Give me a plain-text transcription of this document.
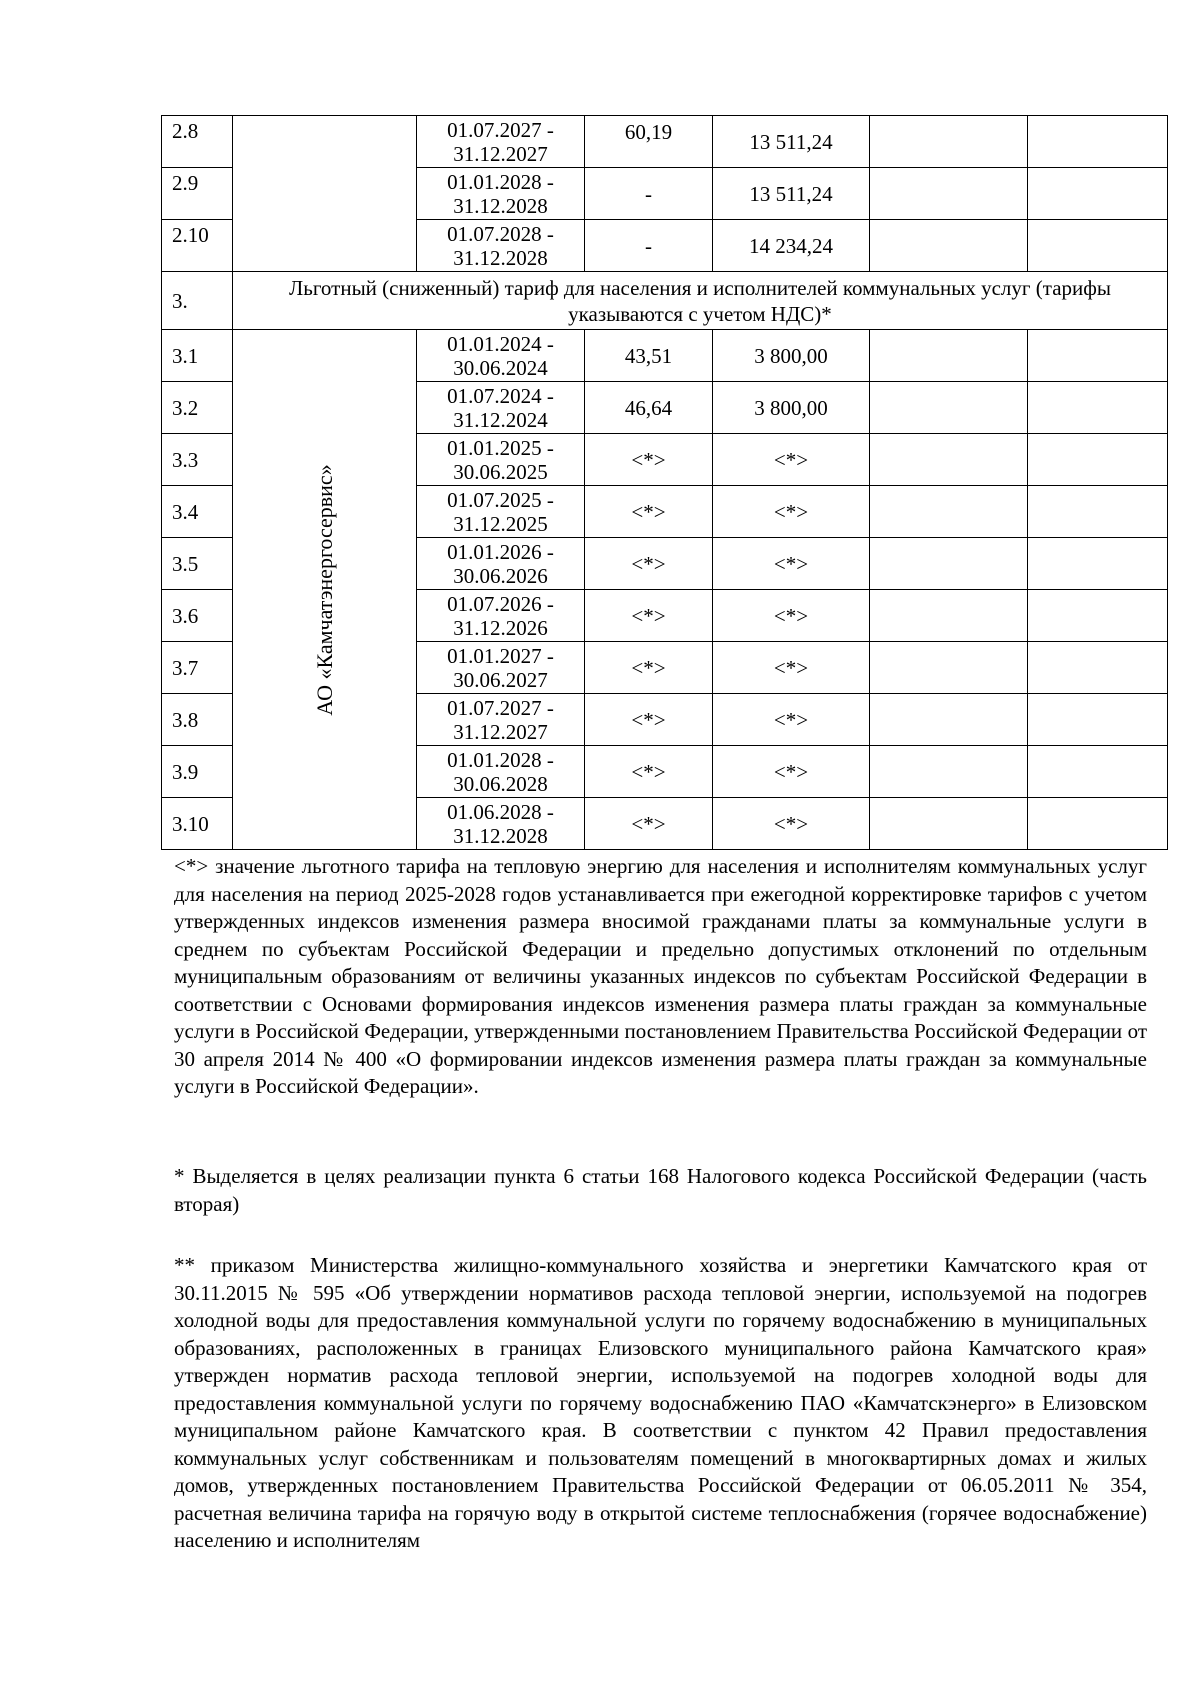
2.8		01.07.2027 - 31.12.2027	60,19	13 511,24		
2.9		01.01.2028 - 31.12.2028	-	13 511,24		
2.10		01.07.2028 - 31.12.2028	-	14 234,24		
3.	Льготный (сниженный) тариф для населения и исполнителей коммунальных услуг (тарифы указываются с учетом НДС)*					
3.1	АО «Камчатэнергосервис»	01.01.2024 - 30.06.2024	43,51	3 800,00		
3.2		01.07.2024 - 31.12.2024	46,64	3 800,00		
3.3		01.01.2025 - 30.06.2025	<*>	<*>		
3.4		01.07.2025 - 31.12.2025	<*>	<*>		
3.5		01.01.2026 - 30.06.2026	<*>	<*>		
3.6		01.07.2026 - 31.12.2026	<*>	<*>		
3.7		01.01.2027 - 30.06.2027	<*>	<*>		
3.8		01.07.2027 - 31.12.2027	<*>	<*>		
3.9		01.01.2028 - 30.06.2028	<*>	<*>		
3.10		01.06.2028 - 31.12.2028	<*>	<*>		

<*> значение льготного тарифа на тепловую энергию для населения и исполнителям коммунальных услуг для населения на период 2025-2028 годов устанавливается при ежегодной корректировке тарифов с учетом утвержденных индексов изменения размера вносимой гражданами платы за коммунальные услуги в среднем по субъектам Российской Федерации и предельно допустимых отклонений по отдельным муниципальным образованиям от величины указанных индексов по субъектам Российской Федерации в соответствии с Основами формирования индексов изменения размера платы граждан за коммунальные услуги в Российской Федерации, утвержденными постановлением Правительства Российской Федерации от 30 апреля 2014 № 400 «О формировании индексов изменения размера платы граждан за коммунальные услуги в Российской Федерации».

* Выделяется в целях реализации пункта 6 статьи 168 Налогового кодекса Российской Федерации (часть вторая)

** приказом Министерства жилищно-коммунального хозяйства и энергетики Камчатского края от 30.11.2015 № 595 «Об утверждении нормативов расхода тепловой энергии, используемой на подогрев холодной воды для предоставления коммунальной услуги по горячему водоснабжению в муниципальных образованиях, расположенных в границах Елизовского муниципального района Камчатского края» утвержден норматив расхода тепловой энергии, используемой на подогрев холодной воды для предоставления коммунальной услуги по горячему водоснабжению ПАО «Камчатскэнерго» в Елизовском муниципальном районе Камчатского края. В соответствии с пунктом 42 Правил предоставления коммунальных услуг собственникам и пользователям помещений в многоквартирных домах и жилых домов, утвержденных постановлением Правительства Российской Федерации от 06.05.2011 № 354, расчетная величина тарифа на горячую воду в открытой системе теплоснабжения (горячее водоснабжение) населению и исполнителям
